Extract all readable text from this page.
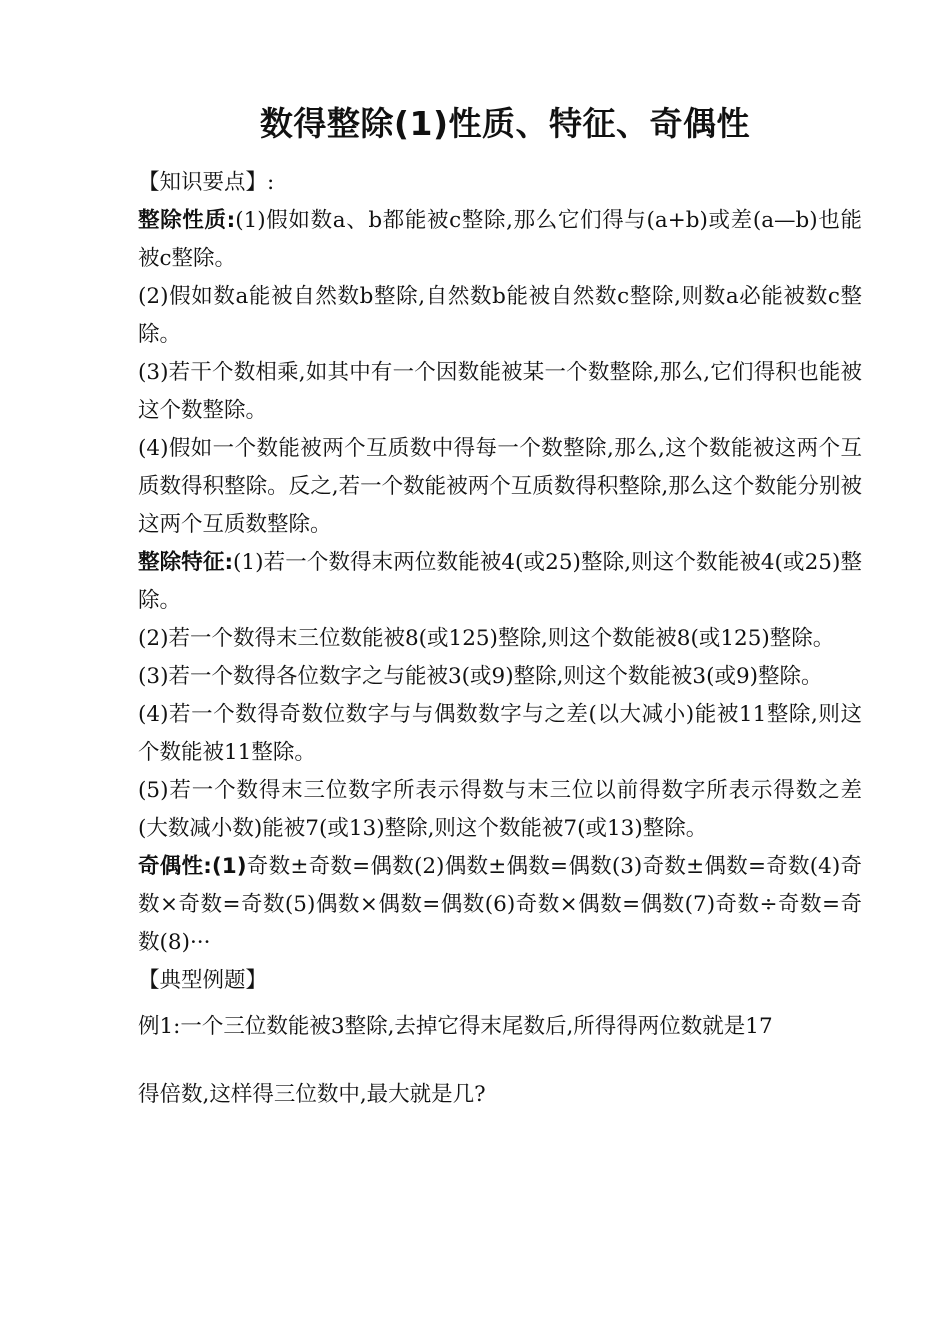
数得整除(1)性质、特征、奇偶性

【知识要点】:

整除性质:(1)假如数a、b都能被c整除,那么它们得与(a+b)或差(a—b)也能被c整除。

(2)假如数a能被自然数b整除,自然数b能被自然数c整除,则数a必能被数c整除。

(3)若干个数相乘,如其中有一个因数能被某一个数整除,那么,它们得积也能被这个数整除。

(4)假如一个数能被两个互质数中得每一个数整除,那么,这个数能被这两个互质数得积整除。反之,若一个数能被两个互质数得积整除,那么这个数能分别被这两个互质数整除。

整除特征:(1)若一个数得末两位数能被4(或25)整除,则这个数能被4(或25)整除。

(2)若一个数得末三位数能被8(或125)整除,则这个数能被8(或125)整除。

(3)若一个数得各位数字之与能被3(或9)整除,则这个数能被3(或9)整除。

(4)若一个数得奇数位数字与与偶数数字与之差(以大减小)能被11整除,则这个数能被11整除。

(5)若一个数得末三位数字所表示得数与末三位以前得数字所表示得数之差(大数减小数)能被7(或13)整除,则这个数能被7(或13)整除。

奇偶性:(1)奇数±奇数=偶数(2)偶数±偶数=偶数(3)奇数±偶数=奇数(4)奇数×奇数=奇数(5)偶数×偶数=偶数(6)奇数×偶数=偶数(7)奇数÷奇数=奇数(8)···

【典型例题】

例1:一个三位数能被3整除,去掉它得末尾数后,所得得两位数就是17

得倍数,这样得三位数中,最大就是几?
